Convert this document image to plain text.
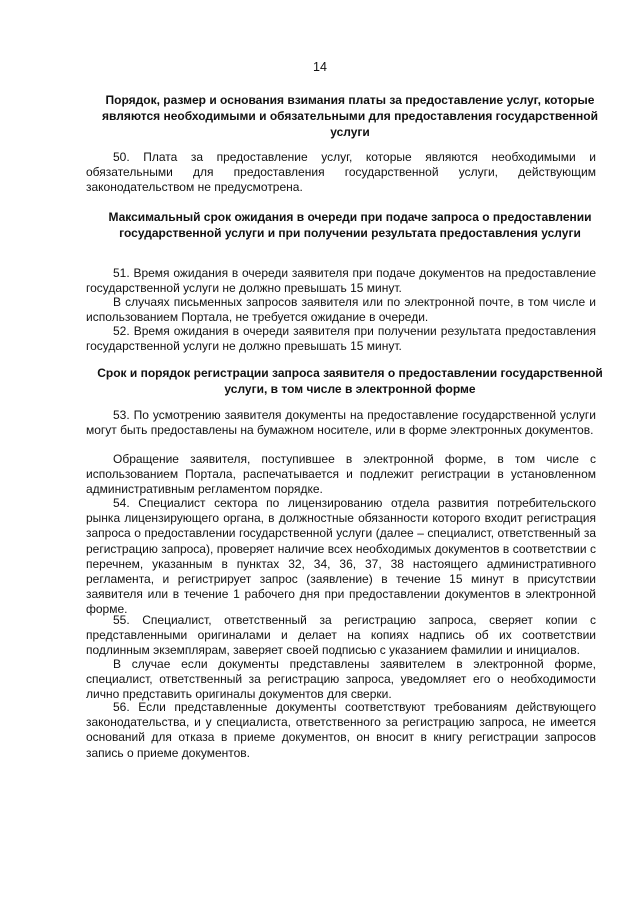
14

Порядок, размер и основания взимания платы за предоставление услуг, которые являются необходимыми и обязательными для предоставления государственной услуги

50. Плата за предоставление услуг, которые являются необходимыми и обязательными для предоставления государственной услуги, действующим законодательством не предусмотрена.

Максимальный срок ожидания в очереди при подаче запроса о предоставлении государственной услуги и при получении результата предоставления услуги

51. Время ожидания в очереди заявителя при подаче документов на предоставление государственной услуги не должно превышать 15 минут.

В случаях письменных запросов заявителя или по электронной почте, в том числе и использованием Портала, не требуется ожидание в очереди.

52. Время ожидания в очереди заявителя при получении результата предоставления государственной услуги не должно превышать 15 минут.

Срок и порядок регистрации запроса заявителя о предоставлении государственной услуги, в том числе в электронной форме

53. По усмотрению заявителя документы на предоставление государственной услуги могут быть предоставлены на бумажном носителе, или в форме электронных документов.

Обращение заявителя, поступившее в электронной форме, в том числе с использованием Портала, распечатывается и подлежит регистрации в установленном административным регламентом порядке.

54. Специалист сектора по лицензированию отдела развития потребительского рынка лицензирующего органа, в должностные обязанности которого входит регистрация запроса о предоставлении государственной услуги (далее – специалист, ответственный за регистрацию запроса), проверяет наличие всех необходимых документов в соответствии с перечнем, указанным в пунктах 32, 34, 36, 37, 38 настоящего административного регламента, и регистрирует запрос (заявление) в течение 15 минут в присутствии заявителя или в течение 1 рабочего дня при предоставлении документов в электронной форме.

55. Специалист, ответственный за регистрацию запроса, сверяет копии с представленными оригиналами и делает на копиях надпись об их соответствии подлинным экземплярам, заверяет своей подписью с указанием фамилии и инициалов.

В случае если документы представлены заявителем в электронной форме, специалист, ответственный за регистрацию запроса, уведомляет его о необходимости лично представить оригиналы документов для сверки.

56. Если представленные документы соответствуют требованиям действующего законодательства, и у специалиста, ответственного за регистрацию запроса, не имеется оснований для отказа в приеме документов, он вносит в книгу регистрации запросов запись о приеме документов.
